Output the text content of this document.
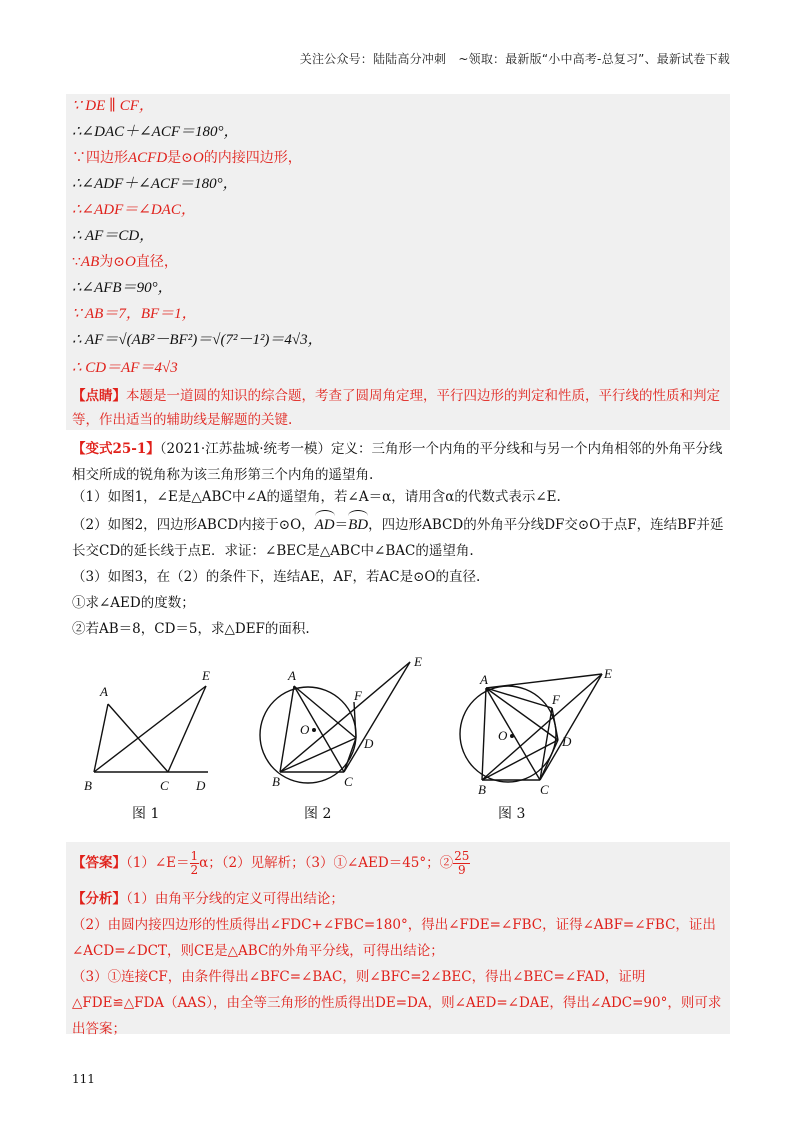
关注公众号：陆陆高分冲刺　~领取：最新版“小中高考-总复习”、最新试卷下载
∵ DE ∥ CF，
∴∠DAC＋∠ACF＝180°，
∵四边形ACFD是⊙O的内接四边形，
∴∠ADF＋∠ACF＝180°，
∴∠ADF＝∠DAC，
∴ AF＝CD，
∵AB为⊙O直径，
∴∠AFB＝90°，
∵ AB＝7，BF＝1，
∴ AF＝√(AB²－BF²)＝√(7²－1²)＝4√3，
∴ CD＝AF＝4√3
【点睛】本题是一道圆的知识的综合题，考查了圆周角定理，平行四边形的判定和性质，平行线的性质和判定等，作出适当的辅助线是解题的关键.
【变式25-1】（2021·江苏盐城·统考一模）定义：三角形一个内角的平分线和与另一个内角相邻的外角平分线相交所成的锐角称为该三角形第三个内角的遥望角.
（1）如图1，∠E是△ABC中∠A的遥望角，若∠A＝α，请用含α的代数式表示∠E.
（2）如图2，四边形ABCD内接于⊙O，AD＝BD，四边形ABCD的外角平分线DF交⊙O于点F，连结BF并延长交CD的延长线于点E．求证：∠BEC是△ABC中∠BAC的遥望角.
（3）如图3，在（2）的条件下，连结AE，AF，若AC是⊙O的直径.
①求∠AED的度数；
②若AB＝8，CD＝5，求△DEF的面积.
A
B	C D
E
图 1
A
B	C
D
E
F
O
图 2
A
B	C
D
E
F
O
图 3
【答案】（1）∠E＝ $\frac{1}{2}$ α；（2）见解析；（3）①∠AED＝45°；② $\frac{25}{9}$
【分析】（1）由角平分线的定义可得出结论；
（2）由圆内接四边形的性质得出∠FDC+∠FBC=180°，得出∠FDE=∠FBC，证得∠ABF=∠FBC，证出∠ACD=∠DCT，则CE是△ABC的外角平分线，可得出结论；
（3）①连接CF，由条件得出∠BFC=∠BAC，则∠BFC=2∠BEC，得出∠BEC=∠FAD，证明△FDE≌△FDA（AAS），由全等三角形的性质得出DE=DA，则∠AED=∠DAE，得出∠ADC=90°，则可求出答案；
111
